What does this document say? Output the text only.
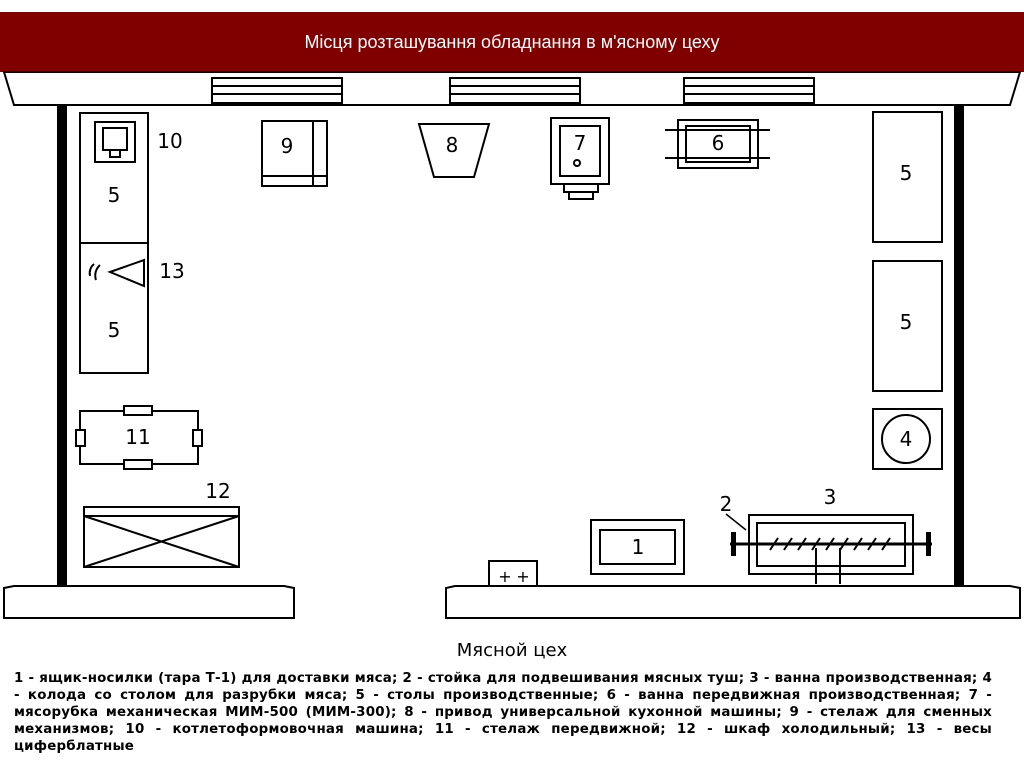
Місця розташування обладнання в м'ясному цеху
5
5
10
13
11
12
9	8	7	6
5
5
4
1
+ +
2	3
Мясной цех
1 - ящик-носилки (тара Т-1) для доставки мяса; 2 - стойка для подвешивания мясных туш; 3 - ванна производственная; 4 - колода со столом для разрубки мяса; 5 - столы производственные; 6 - ванна передвижная производственная; 7 - мясорубка механическая МИМ-500 (МИМ-300); 8 - привод универсальной кухонной машины; 9 - стелаж для сменных механизмов; 10 - котлетоформовочная машина; 11 - стелаж передвижной; 12 - шкаф холодильный; 13 - весы циферблатные
